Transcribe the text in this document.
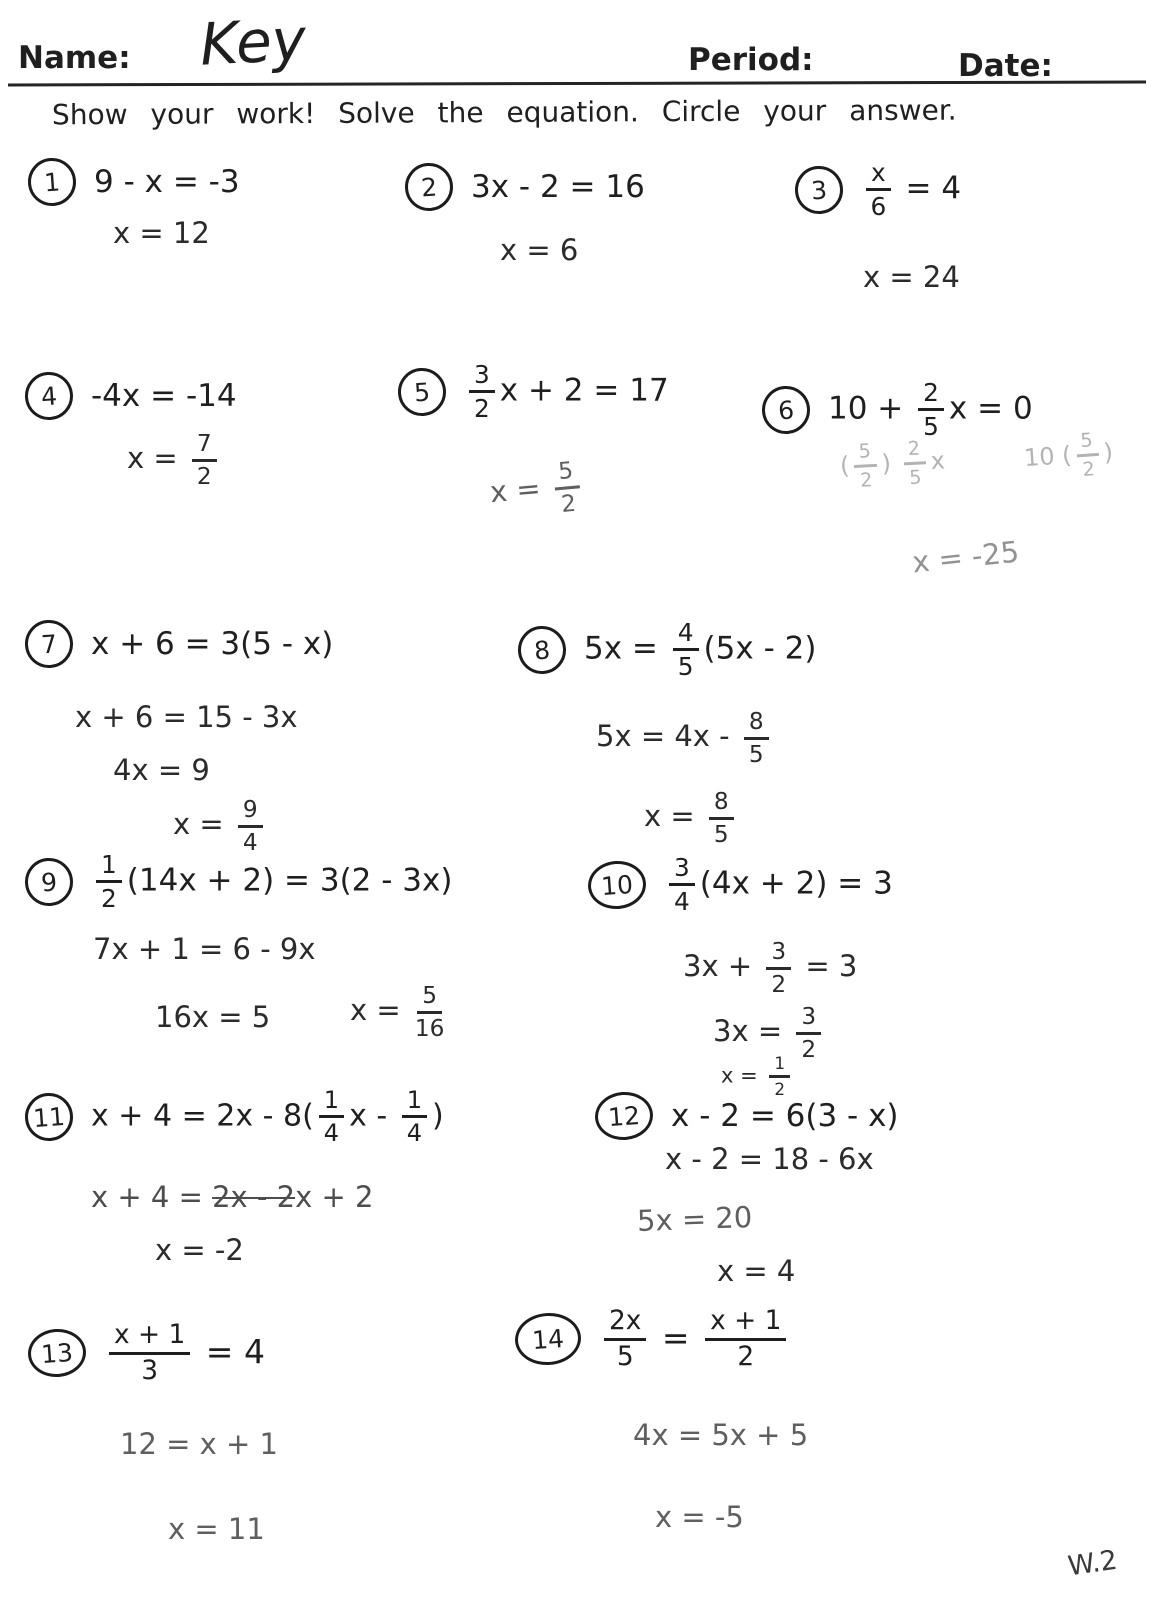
Name: Key	Period:	Date:
Show your work! Solve the equation. Circle your answer.
1	9 - x = -3
x = 12
2	3x - 2 = 16
x = 6
3	$\frac{x}{6} = 4$
x = 24
4	-4x = -14
$x = \frac{7}{2}$
5	$\frac{3}{2}$ x + 2 = 17
$x = \frac{5}{2}$
6	$10 + \frac{2}{5}$ x = 0
( $\frac{5}{2}$ ) $\frac{2}{5}$ x	10 ( $\frac{5}{2}$ )
x = -25
7	x + 6 = 3(5 - x)
x + 6 = 15 - 3x
4x = 9
$x = \frac{9}{4}$
8	$5x = \frac{4}{5} (5x - 2)$
$5x = 4x - \frac{8}{5}$
$x = \frac{8}{5}$
9	$\frac{1}{2} (14x + 2) = 3(2 - 3x)$
7x + 1 = 6 - 9x
16x = 5	$x = \frac{5}{16}$
10	$\frac{3}{4} (4x + 2) = 3$
$3x + \frac{3}{2} = 3$
$3x = \frac{3}{2}$
$x = \frac{1}{2}$
11 $x + 4 = 2x - 8( \frac{1}{4}$ x - $\frac{1}{4}$ )
x + 4 = 2x - 2x + 2
x = -2
12 x - 2 = 6(3 - x)
x - 2 = 18 - 6x
5x = 20
x = 4
13	$\frac{x + 1}{3} = 4$
12 = x + 1
x = 11
14	$\frac{2x}{5} = \frac{x + 1}{2}$
4x = 5x + 5
x = -5
W.2
